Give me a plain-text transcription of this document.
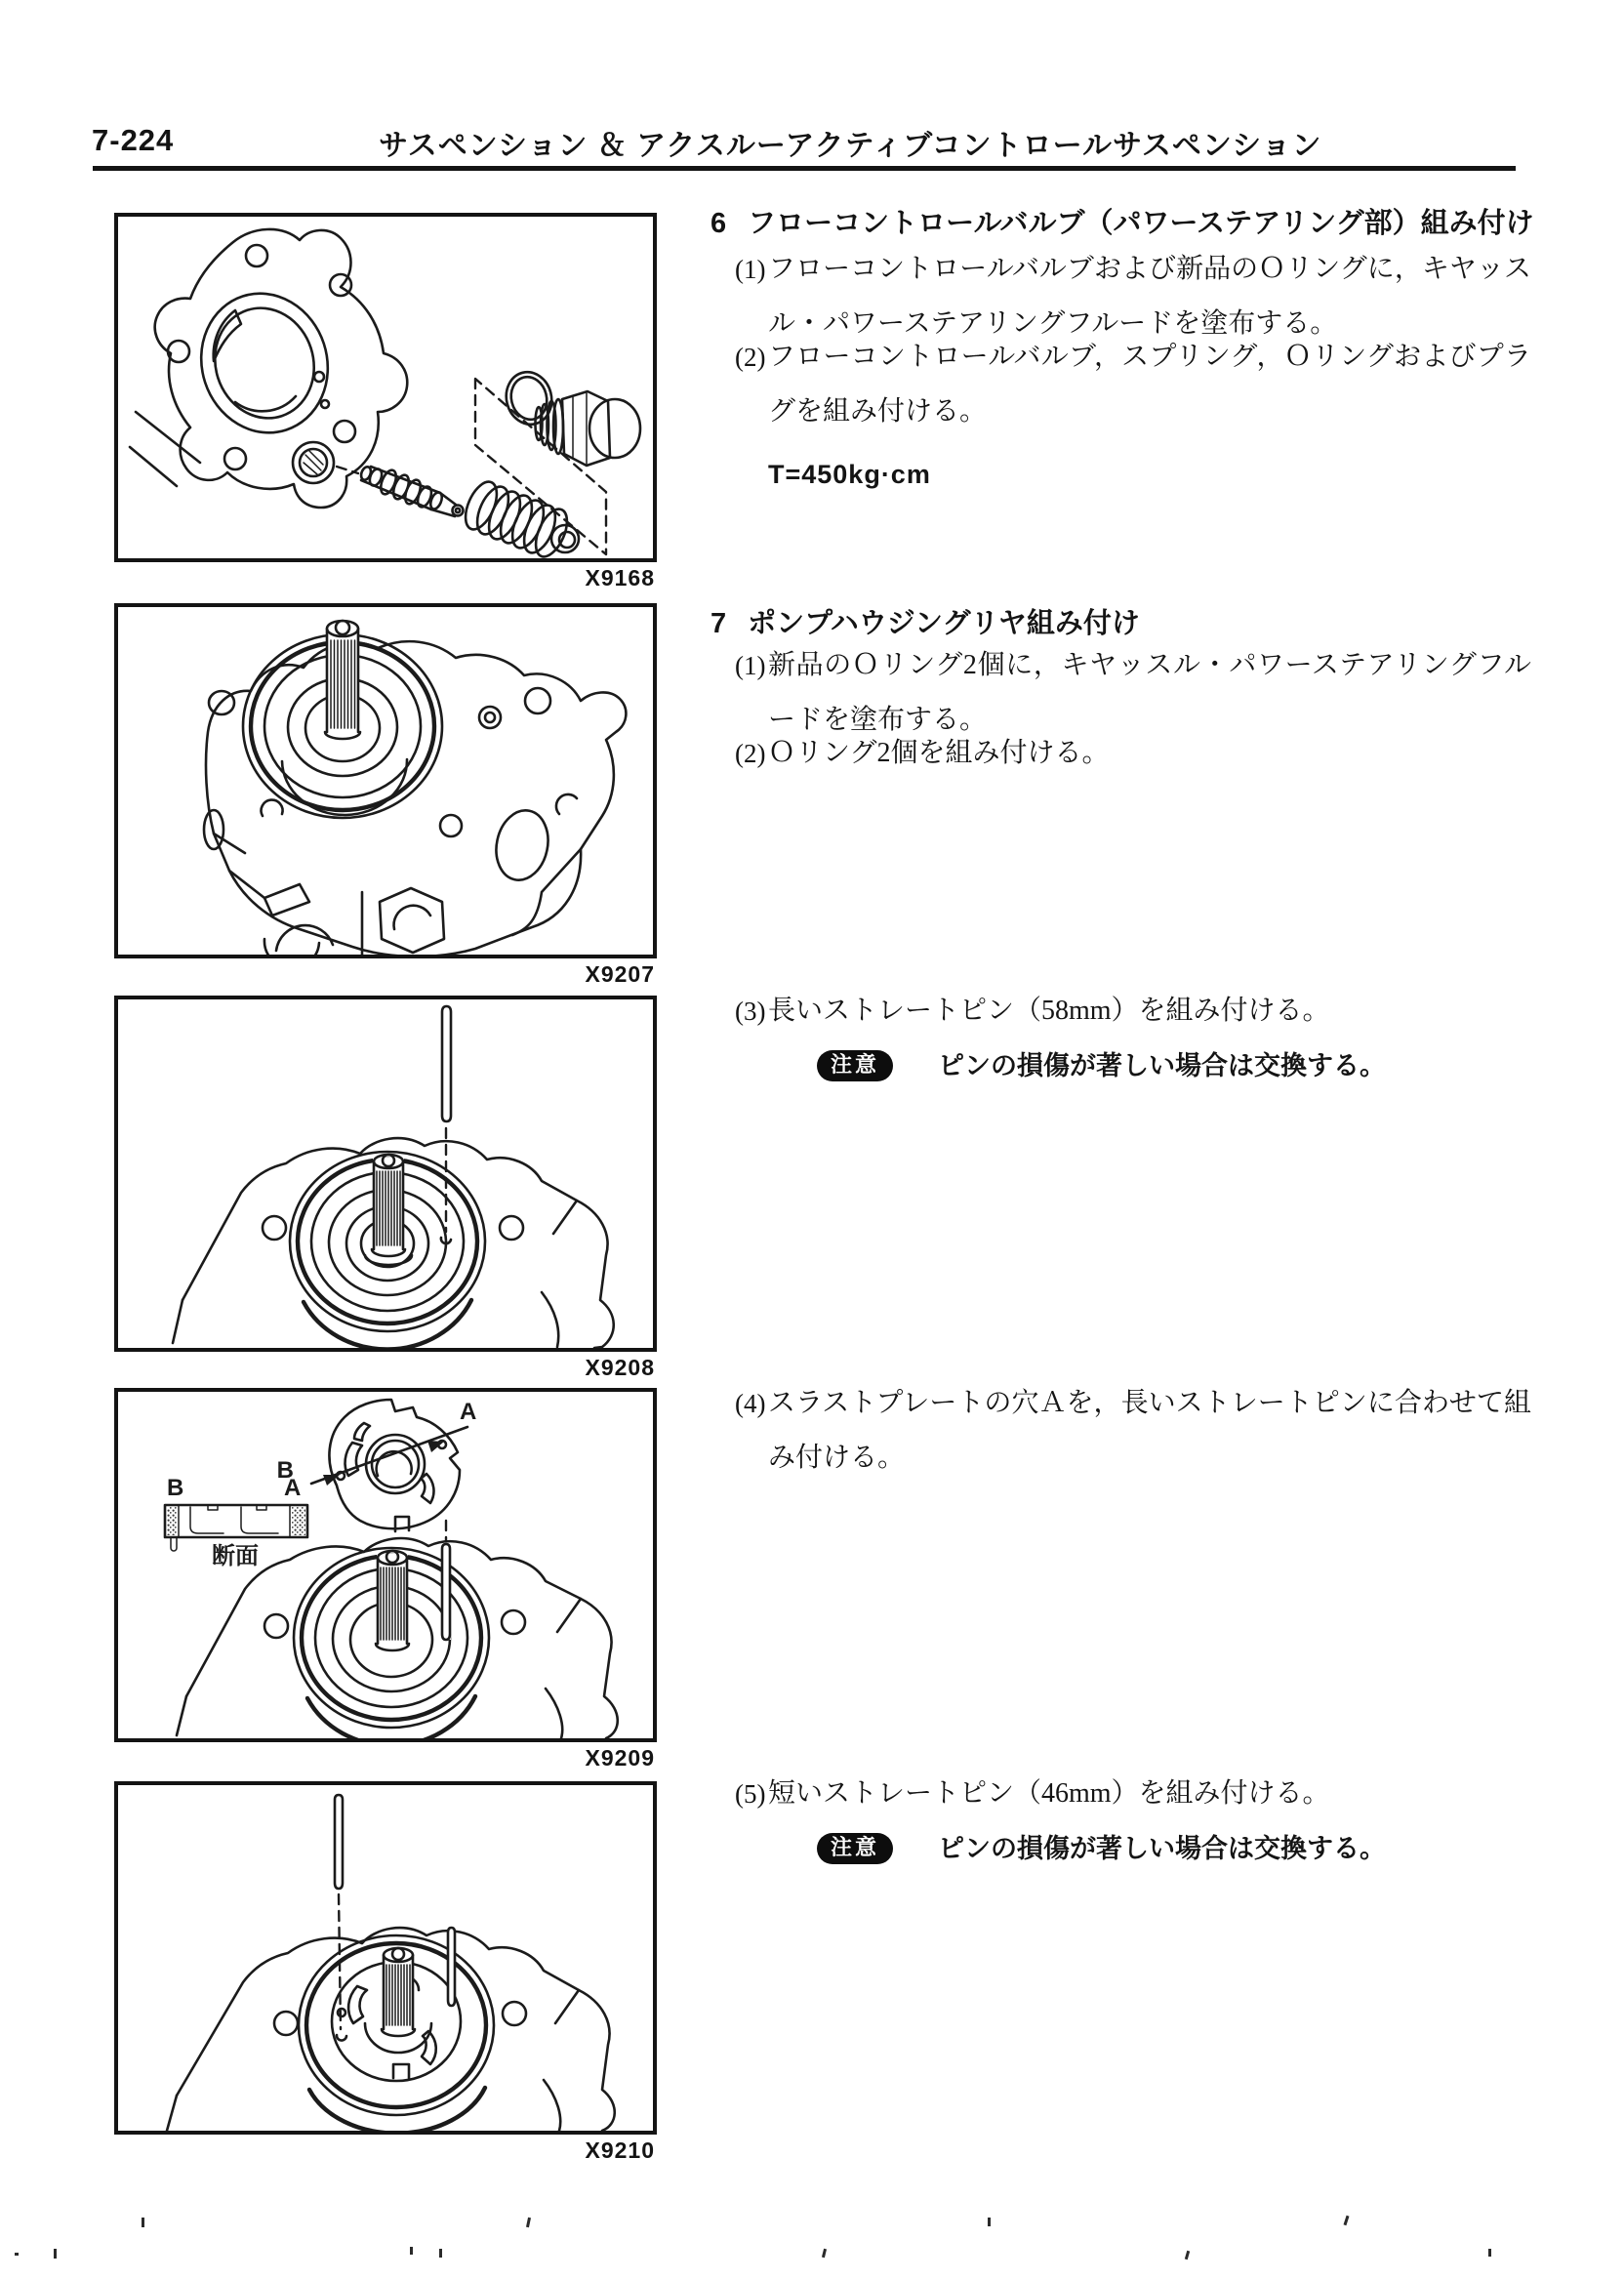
7-224	サスペンション ＆ アクスルーアクティブコントロールサスペンション
X9168
X9207
X9208
B
A
B	A
断面
X9209
X9210
6 フローコントロールバルブ（パワーステアリング部）組み付け
(1) フローコントロールバルブおよび新品のＯリングに，キヤッスル・パワーステアリングフルードを塗布する。
(2) フローコントロールバルブ，スプリング，Ｏリングおよびプラグを組み付ける。
T=450kg·cm
7 ポンプハウジングリヤ組み付け
(1) 新品のＯリング2個に，キヤッスル・パワーステアリングフルードを塗布する。
(2) Ｏリング2個を組み付ける。
(3) 長いストレートピン（58mm）を組み付ける。
注意	ピンの損傷が著しい場合は交換する。
(4) スラストプレートの穴Ａを，長いストレートピンに合わせて組み付ける。
(5) 短いストレートピン（46mm）を組み付ける。
注意	ピンの損傷が著しい場合は交換する。
